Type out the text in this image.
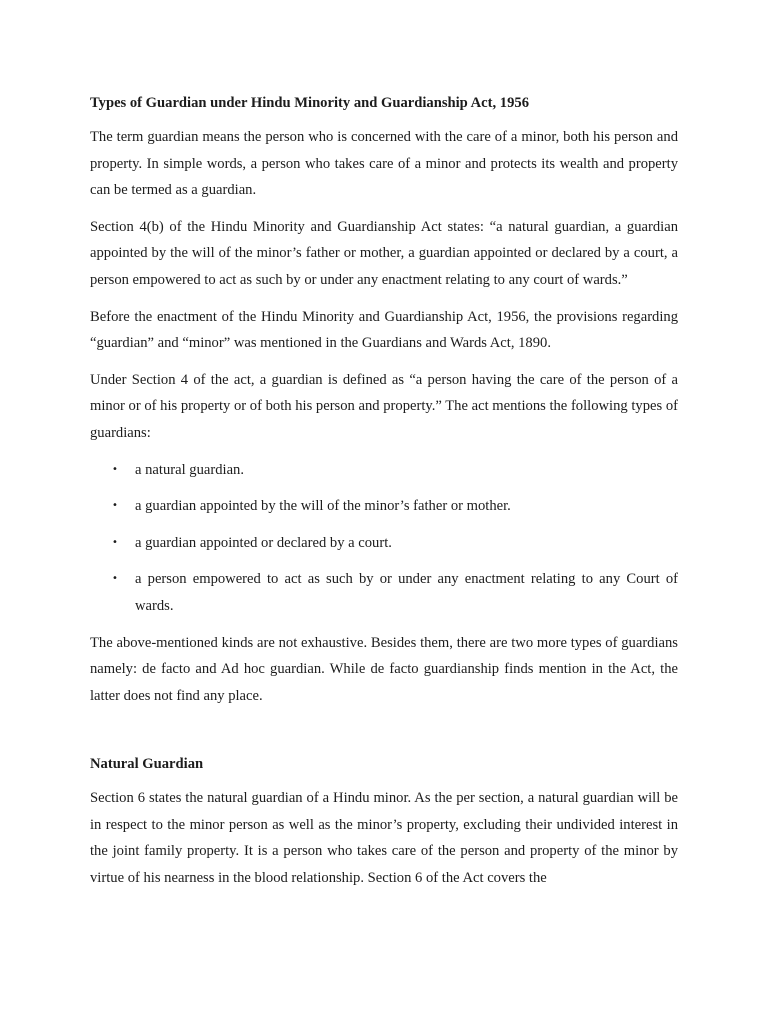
Types of Guardian under Hindu Minority and Guardianship Act, 1956

The term guardian means the person who is concerned with the care of a minor, both his person and property. In simple words, a person who takes care of a minor and protects its wealth and property can be termed as a guardian.

Section 4(b) of the Hindu Minority and Guardianship Act states: “a natural guardian, a guardian appointed by the will of the minor’s father or mother, a guardian appointed or declared by a court, a person empowered to act as such by or under any enactment relating to any court of wards.”

Before the enactment of the Hindu Minority and Guardianship Act, 1956, the provisions regarding “guardian” and “minor” was mentioned in the Guardians and Wards Act, 1890.

Under Section 4 of the act, a guardian is defined as “a person having the care of the person of a minor or of his property or of both his person and property.” The act mentions the following types of guardians:

• a natural guardian.
• a guardian appointed by the will of the minor’s father or mother.
• a guardian appointed or declared by a court.
• a person empowered to act as such by or under any enactment relating to any Court of wards.

The above-mentioned kinds are not exhaustive. Besides them, there are two more types of guardians namely: de facto and Ad hoc guardian. While de facto guardianship finds mention in the Act, the latter does not find any place.

Natural Guardian

Section 6 states the natural guardian of a Hindu minor. As the per section, a natural guardian will be in respect to the minor person as well as the minor’s property, excluding their undivided interest in the joint family property. It is a person who takes care of the person and property of the minor by virtue of his nearness in the blood relationship. Section 6 of the Act covers the
